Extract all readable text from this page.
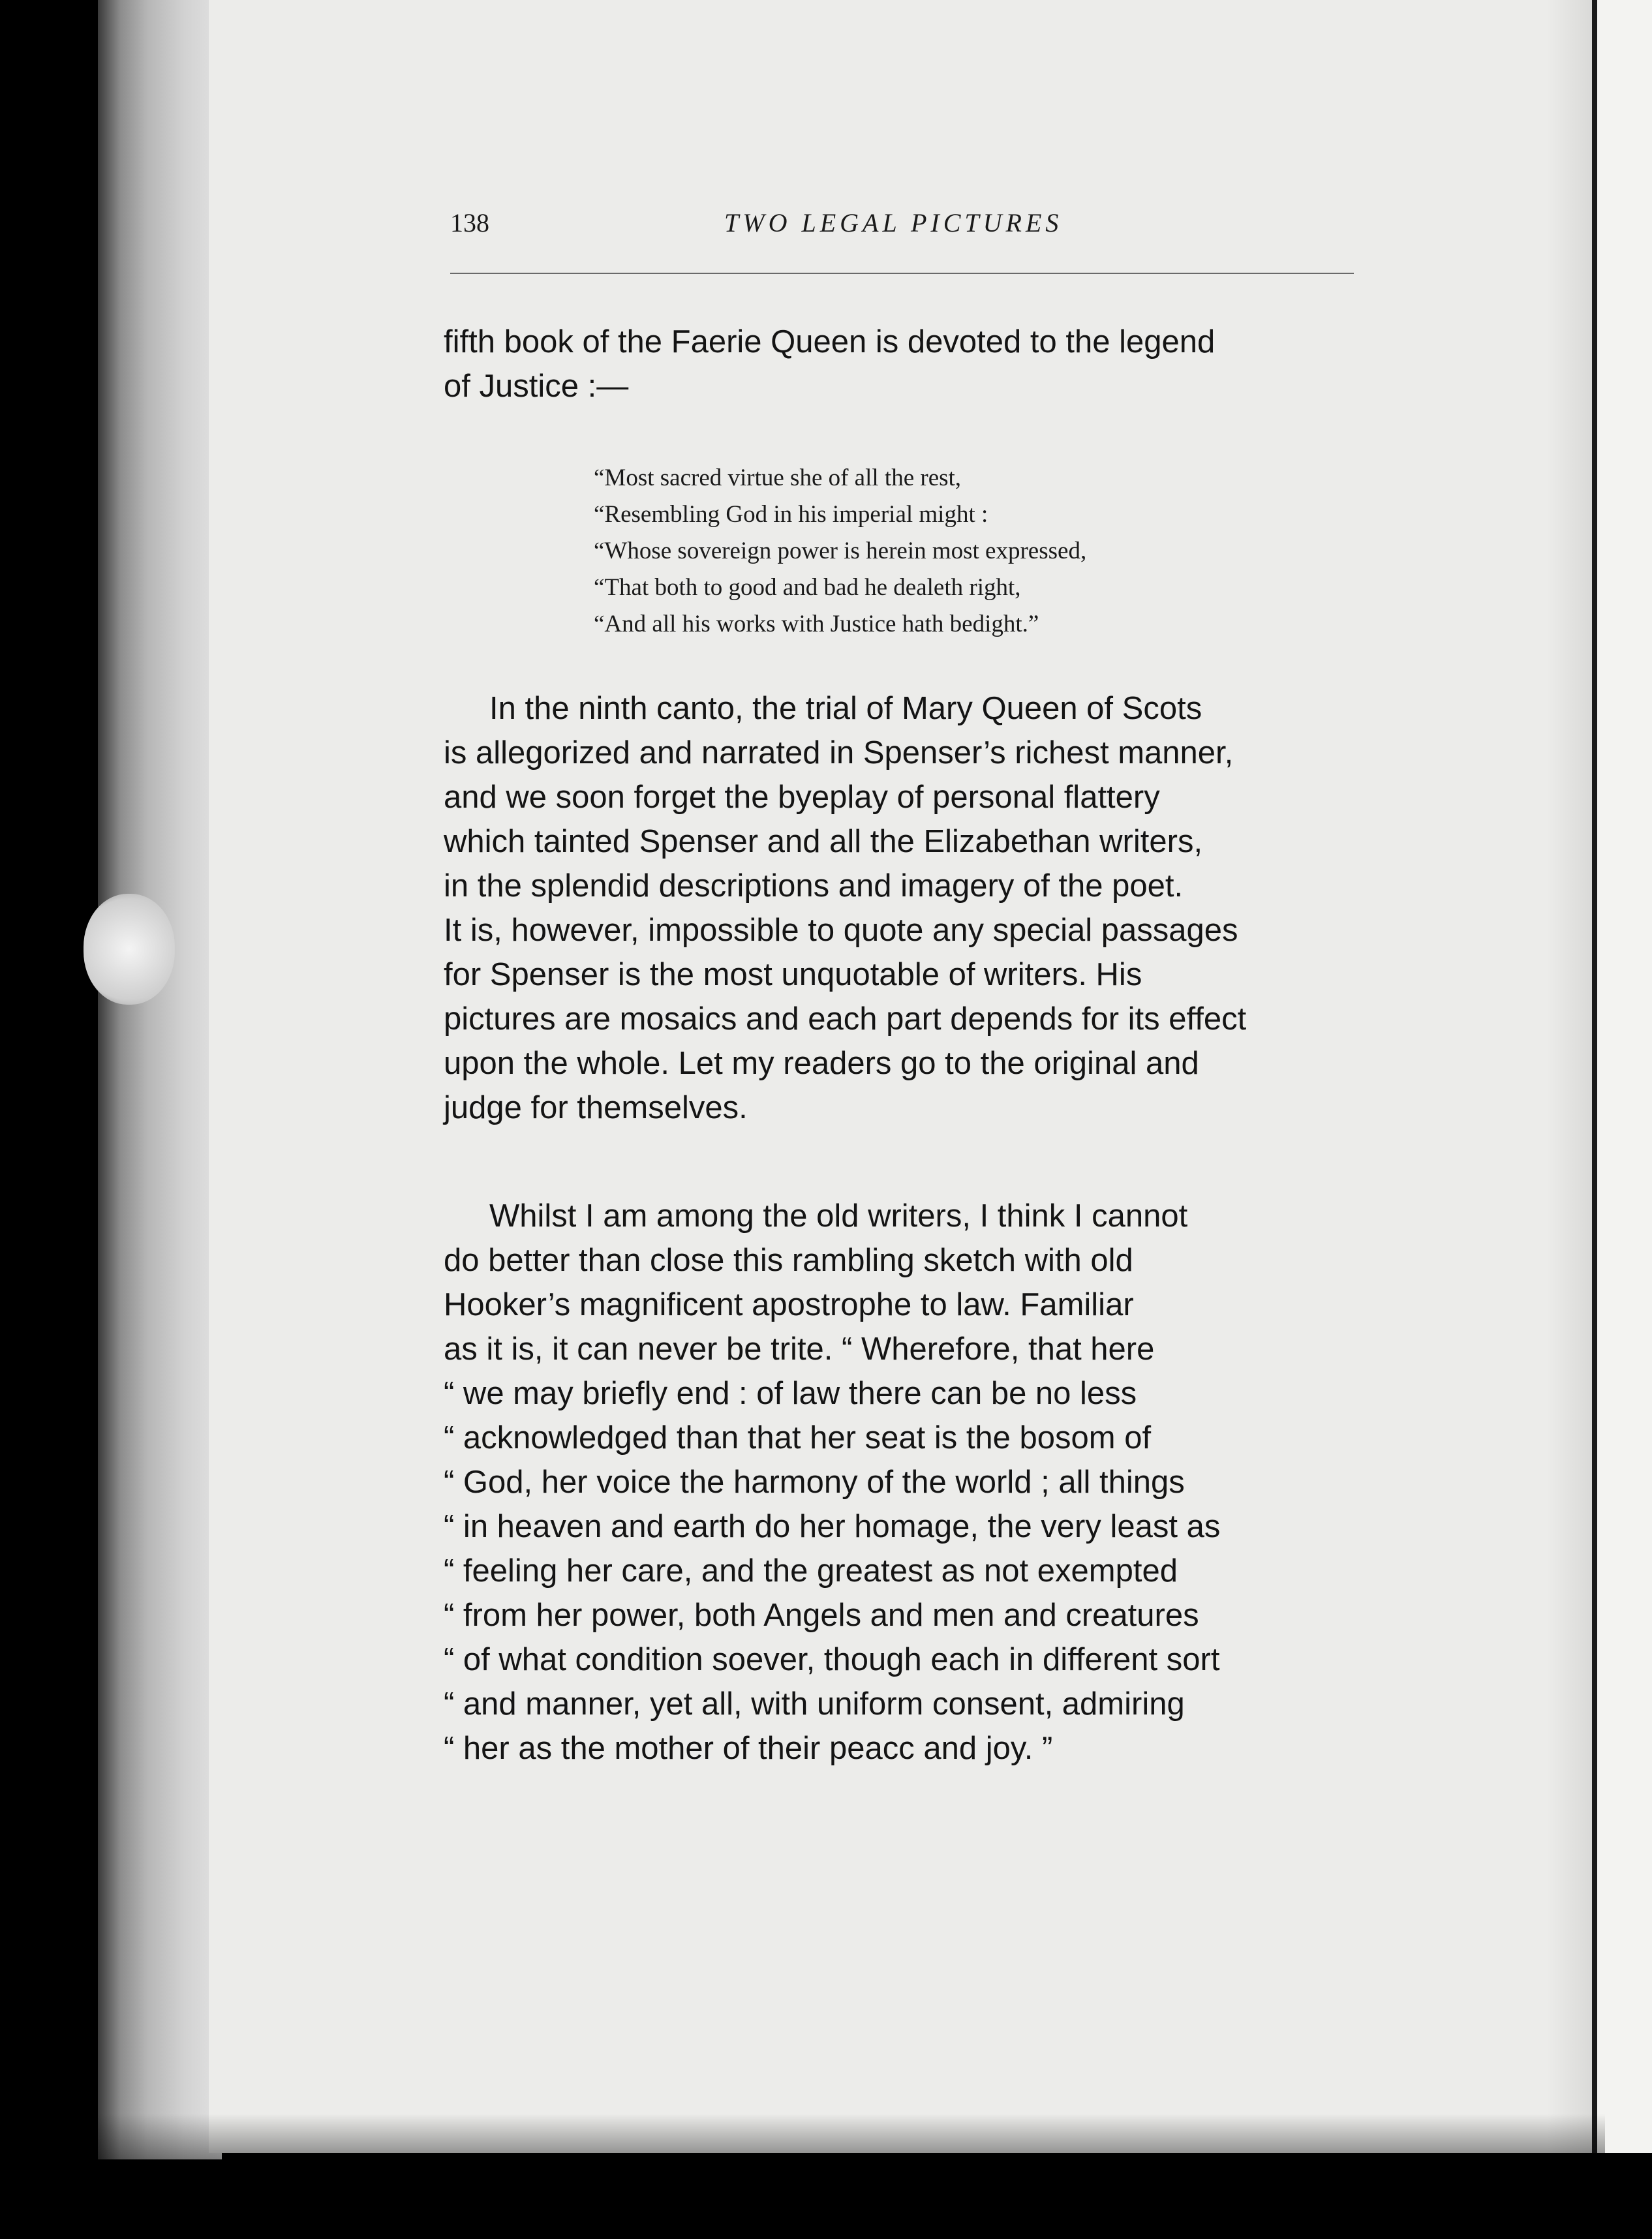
138	TWO LEGAL PICTURES
fifth book of the Faerie Queen is devoted to the legend
of Justice :—
“Most sacred virtue she of all the rest,
“Resembling God in his imperial might :
“Whose sovereign power is herein most expressed,
“That both to good and bad he dealeth right,
“And all his works with Justice hath bedight.”
In the ninth canto, the trial of Mary Queen of Scots
is allegorized and narrated in Spenser’s richest manner,
and we soon forget the byeplay of personal flattery
which tainted Spenser and all the Elizabethan writers,
in the splendid descriptions and imagery of the poet.
It is, however, impossible to quote any special passages
for Spenser is the most unquotable of writers. His
pictures are mosaics and each part depends for its effect
upon the whole. Let my readers go to the original and
judge for themselves.
Whilst I am among the old writers, I think I cannot
do better than close this rambling sketch with old
Hooker’s magnificent apostrophe to law. Familiar
as it is, it can never be trite. “ Wherefore, that here
“ we may briefly end : of law there can be no less
“ acknowledged than that her seat is the bosom of
“ God, her voice the harmony of the world ; all things
“ in heaven and earth do her homage, the very least as
“ feeling her care, and the greatest as not exempted
“ from her power, both Angels and men and creatures
“ of what condition soever, though each in different sort
“ and manner, yet all, with uniform consent, admiring
“ her as the mother of their peacc and joy. ”
